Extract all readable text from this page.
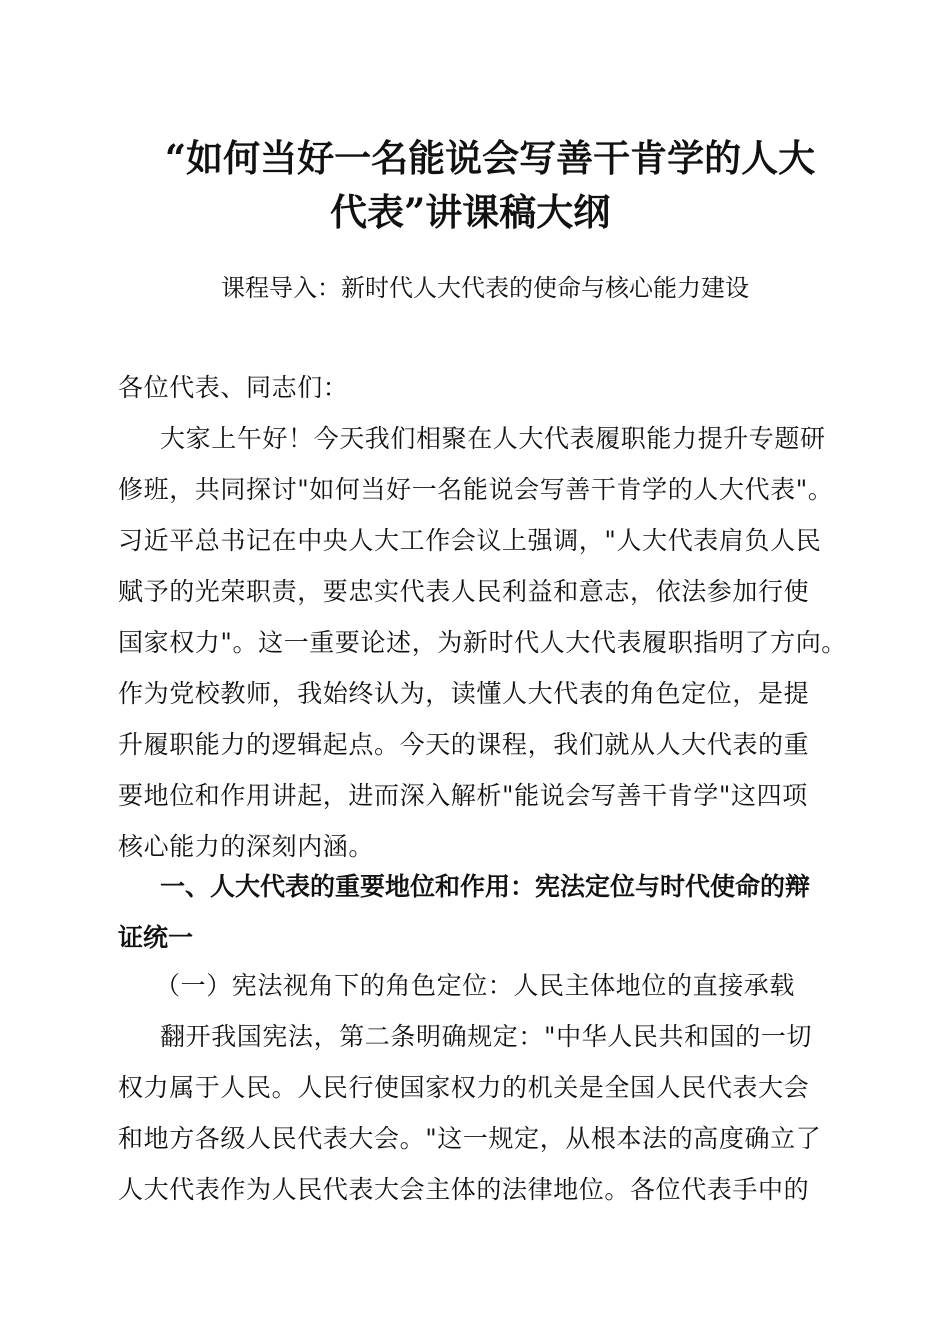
“如何当好一名能说会写善干肯学的人大
代表”讲课稿大纲
课程导入：新时代人大代表的使命与核心能力建设
各位代表、同志们：
大家上午好！今天我们相聚在人大代表履职能力提升专题研
修班，共同探讨"如何当好一名能说会写善干肯学的人大代表"。
习近平总书记在中央人大工作会议上强调，"人大代表肩负人民
赋予的光荣职责，要忠实代表人民利益和意志，依法参加行使
国家权力"。这一重要论述，为新时代人大代表履职指明了方向。
作为党校教师，我始终认为，读懂人大代表的角色定位，是提
升履职能力的逻辑起点。今天的课程，我们就从人大代表的重
要地位和作用讲起，进而深入解析"能说会写善干肯学"这四项
核心能力的深刻内涵。
一、人大代表的重要地位和作用：宪法定位与时代使命的辩
证统一
（一）宪法视角下的角色定位：人民主体地位的直接承载
翻开我国宪法，第二条明确规定："中华人民共和国的一切
权力属于人民。人民行使国家权力的机关是全国人民代表大会
和地方各级人民代表大会。"这一规定，从根本法的高度确立了
人大代表作为人民代表大会主体的法律地位。各位代表手中的
